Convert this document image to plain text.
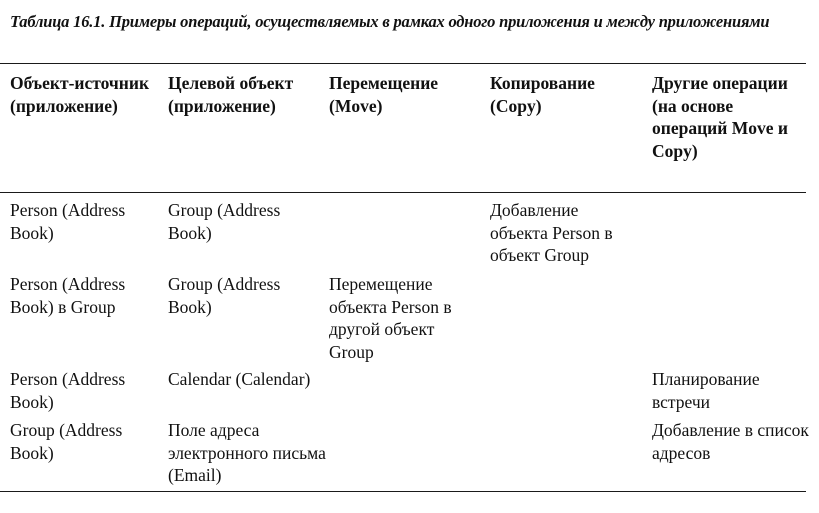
Таблица 16.1. Примеры операций, осуществляемых в рамках одного приложения и между приложениями
Объект-источник (приложение)
Целевой объект (приложение)
Перемещение (Move)
Копирование (Copy)
Другие операции (на основе операций Move и Copy)
Person (Address Book)
Group (Address Book)
Добавление объекта Person в объект Group
Person (Address Book) в Group
Group (Address Book)
Перемещение объекта Person в другой объект Group
Person (Address Book)
Calendar (Calendar)	Планирование встречи
Group (Address Book)
Поле адреса электронного письма (Email)
Добавление в список адресов
